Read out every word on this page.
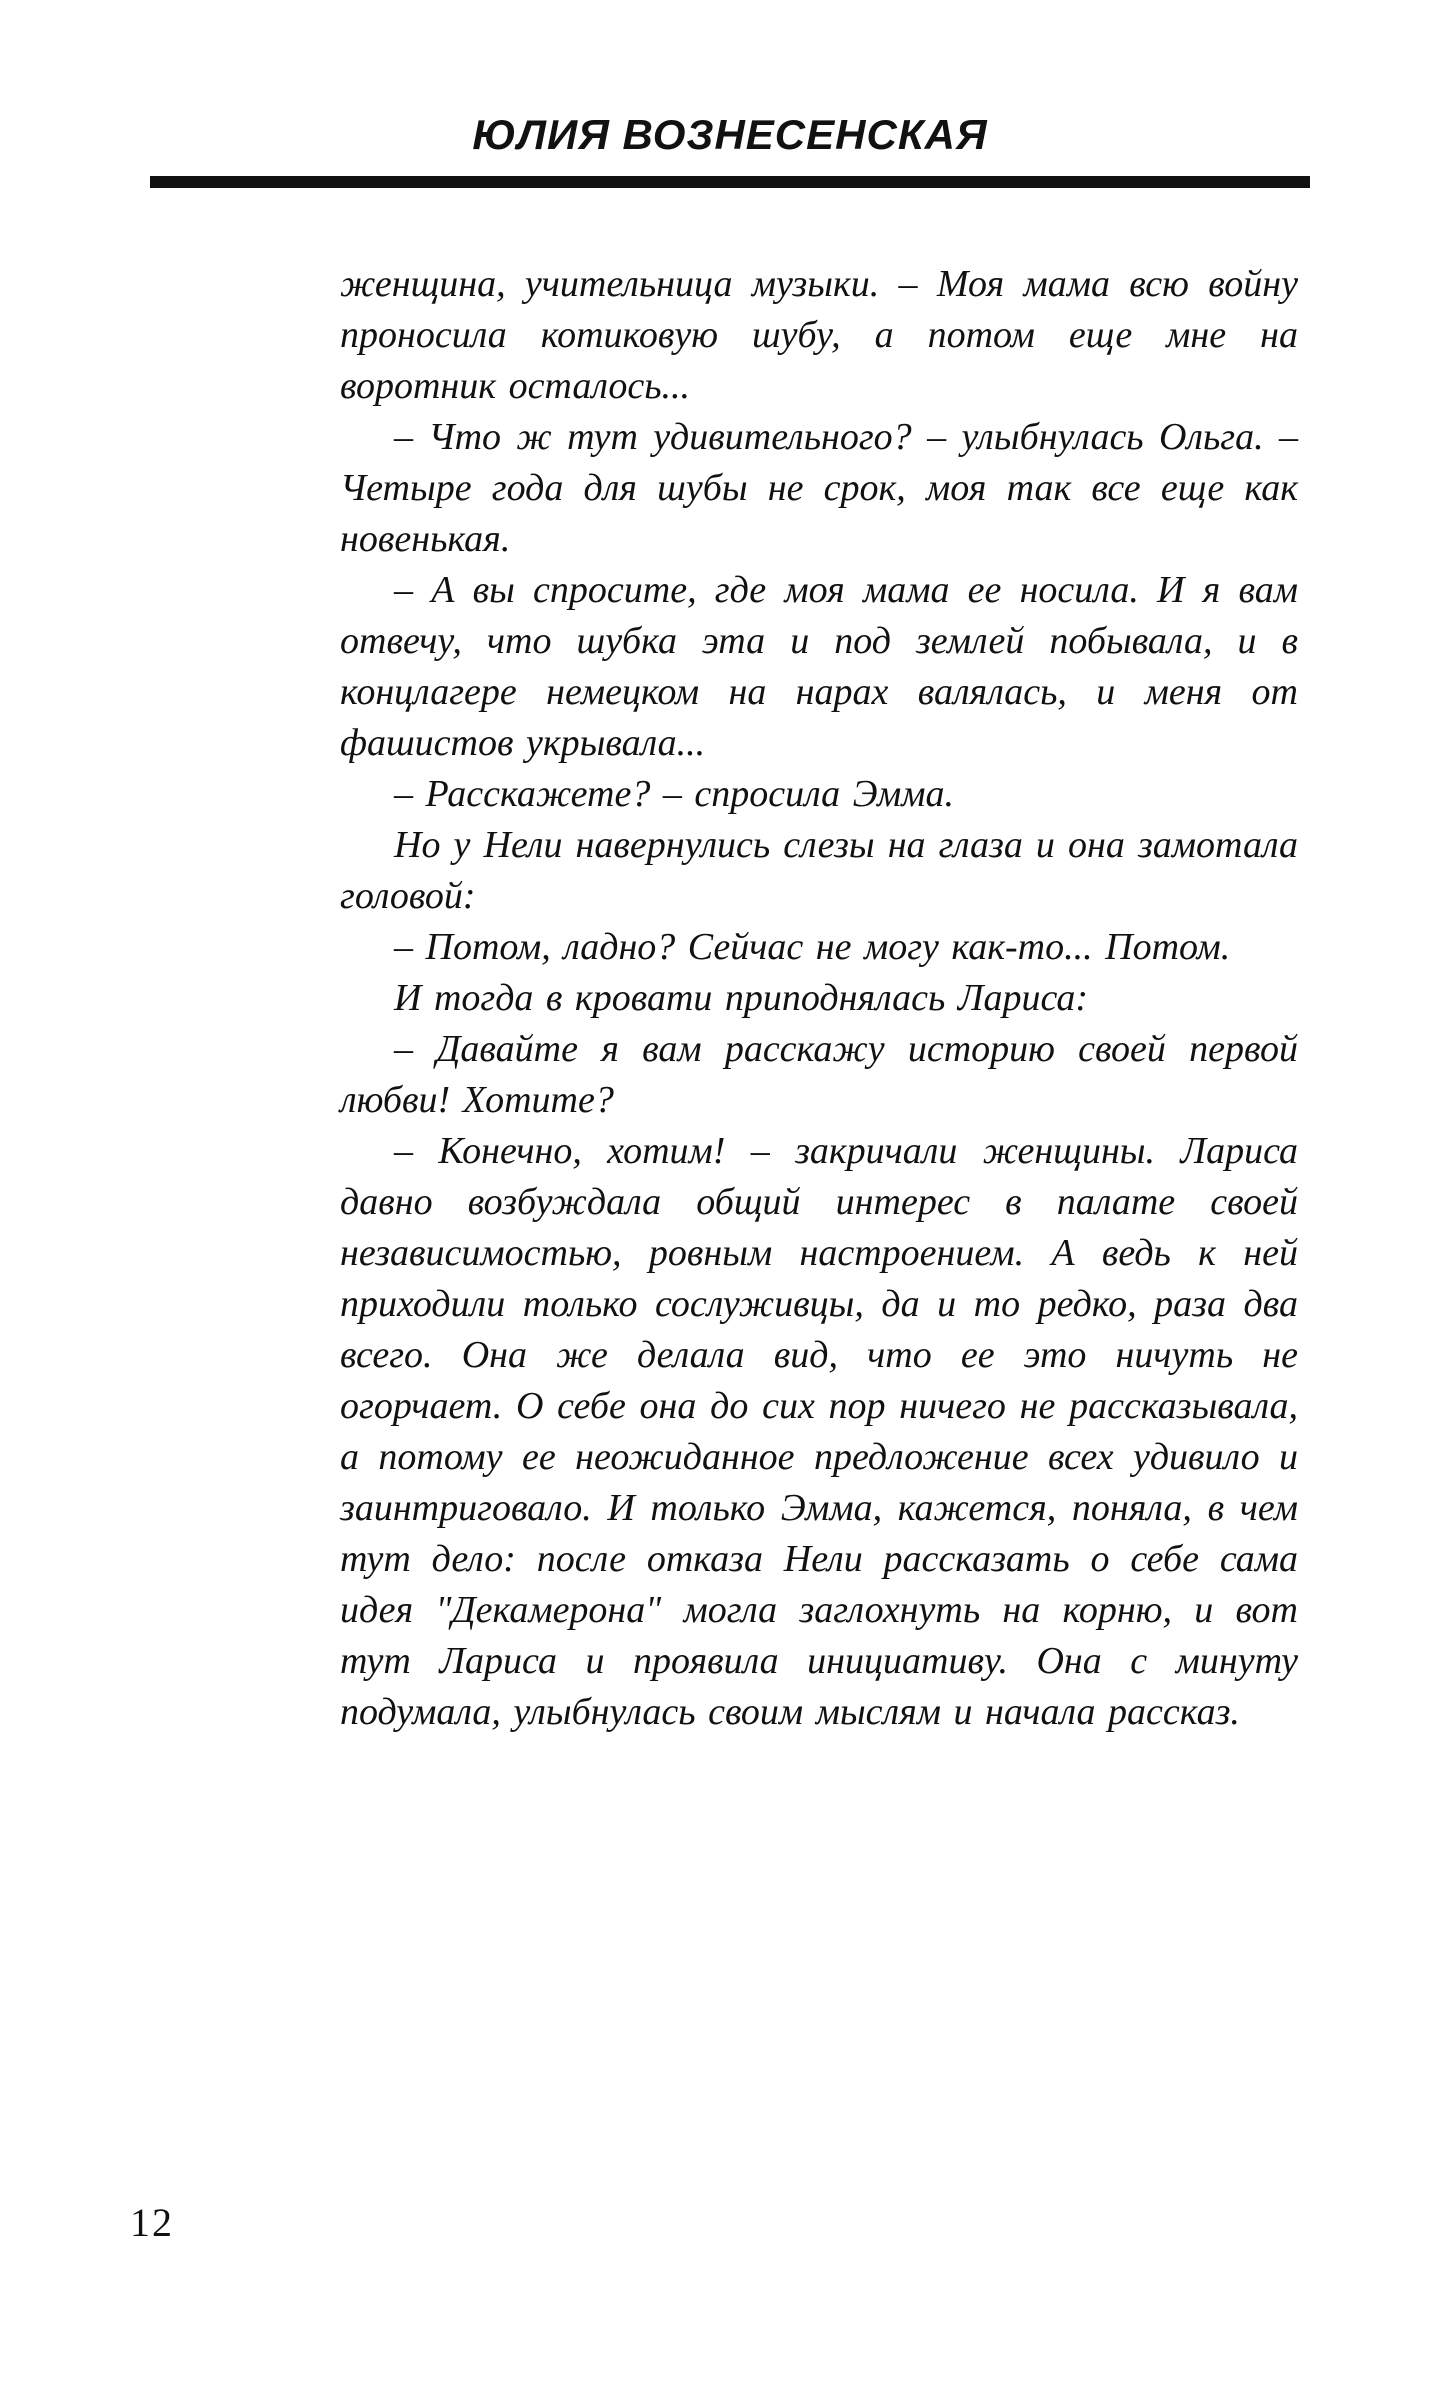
ЮЛИЯ ВОЗНЕСЕНСКАЯ

женщина, учительница музыки. – Моя мама всю войну проносила котиковую шубу, а потом еще мне на воротник осталось...

– Что ж тут удивительного? – улыбнулась Ольга. – Четыре года для шубы не срок, моя так все еще как новенькая.

– А вы спросите, где моя мама ее носила. И я вам отвечу, что шубка эта и под землей побывала, и в концлагере немецком на нарах валялась, и меня от фашистов укрывала...

– Расскажете? – спросила Эмма.

Но у Нели навернулись слезы на глаза и она замотала головой:

– Потом, ладно? Сейчас не могу как-то... Потом.

И тогда в кровати приподнялась Лариса:

– Давайте я вам расскажу историю своей первой любви! Хотите?

– Конечно, хотим! – закричали женщины. Лариса давно возбуждала общий интерес в палате своей независимостью, ровным настроением. А ведь к ней приходили только сослуживцы, да и то редко, раза два всего. Она же делала вид, что ее это ничуть не огорчает. О себе она до сих пор ничего не рассказывала, а потому ее неожиданное предложение всех удивило и заинтриговало. И только Эмма, кажется, поняла, в чем тут дело: после отказа Нели рассказать о себе сама идея "Декамерона" могла заглохнуть на корню, и вот тут Лариса и проявила инициативу. Она с минуту подумала, улыбнулась своим мыслям и начала рассказ.

12
